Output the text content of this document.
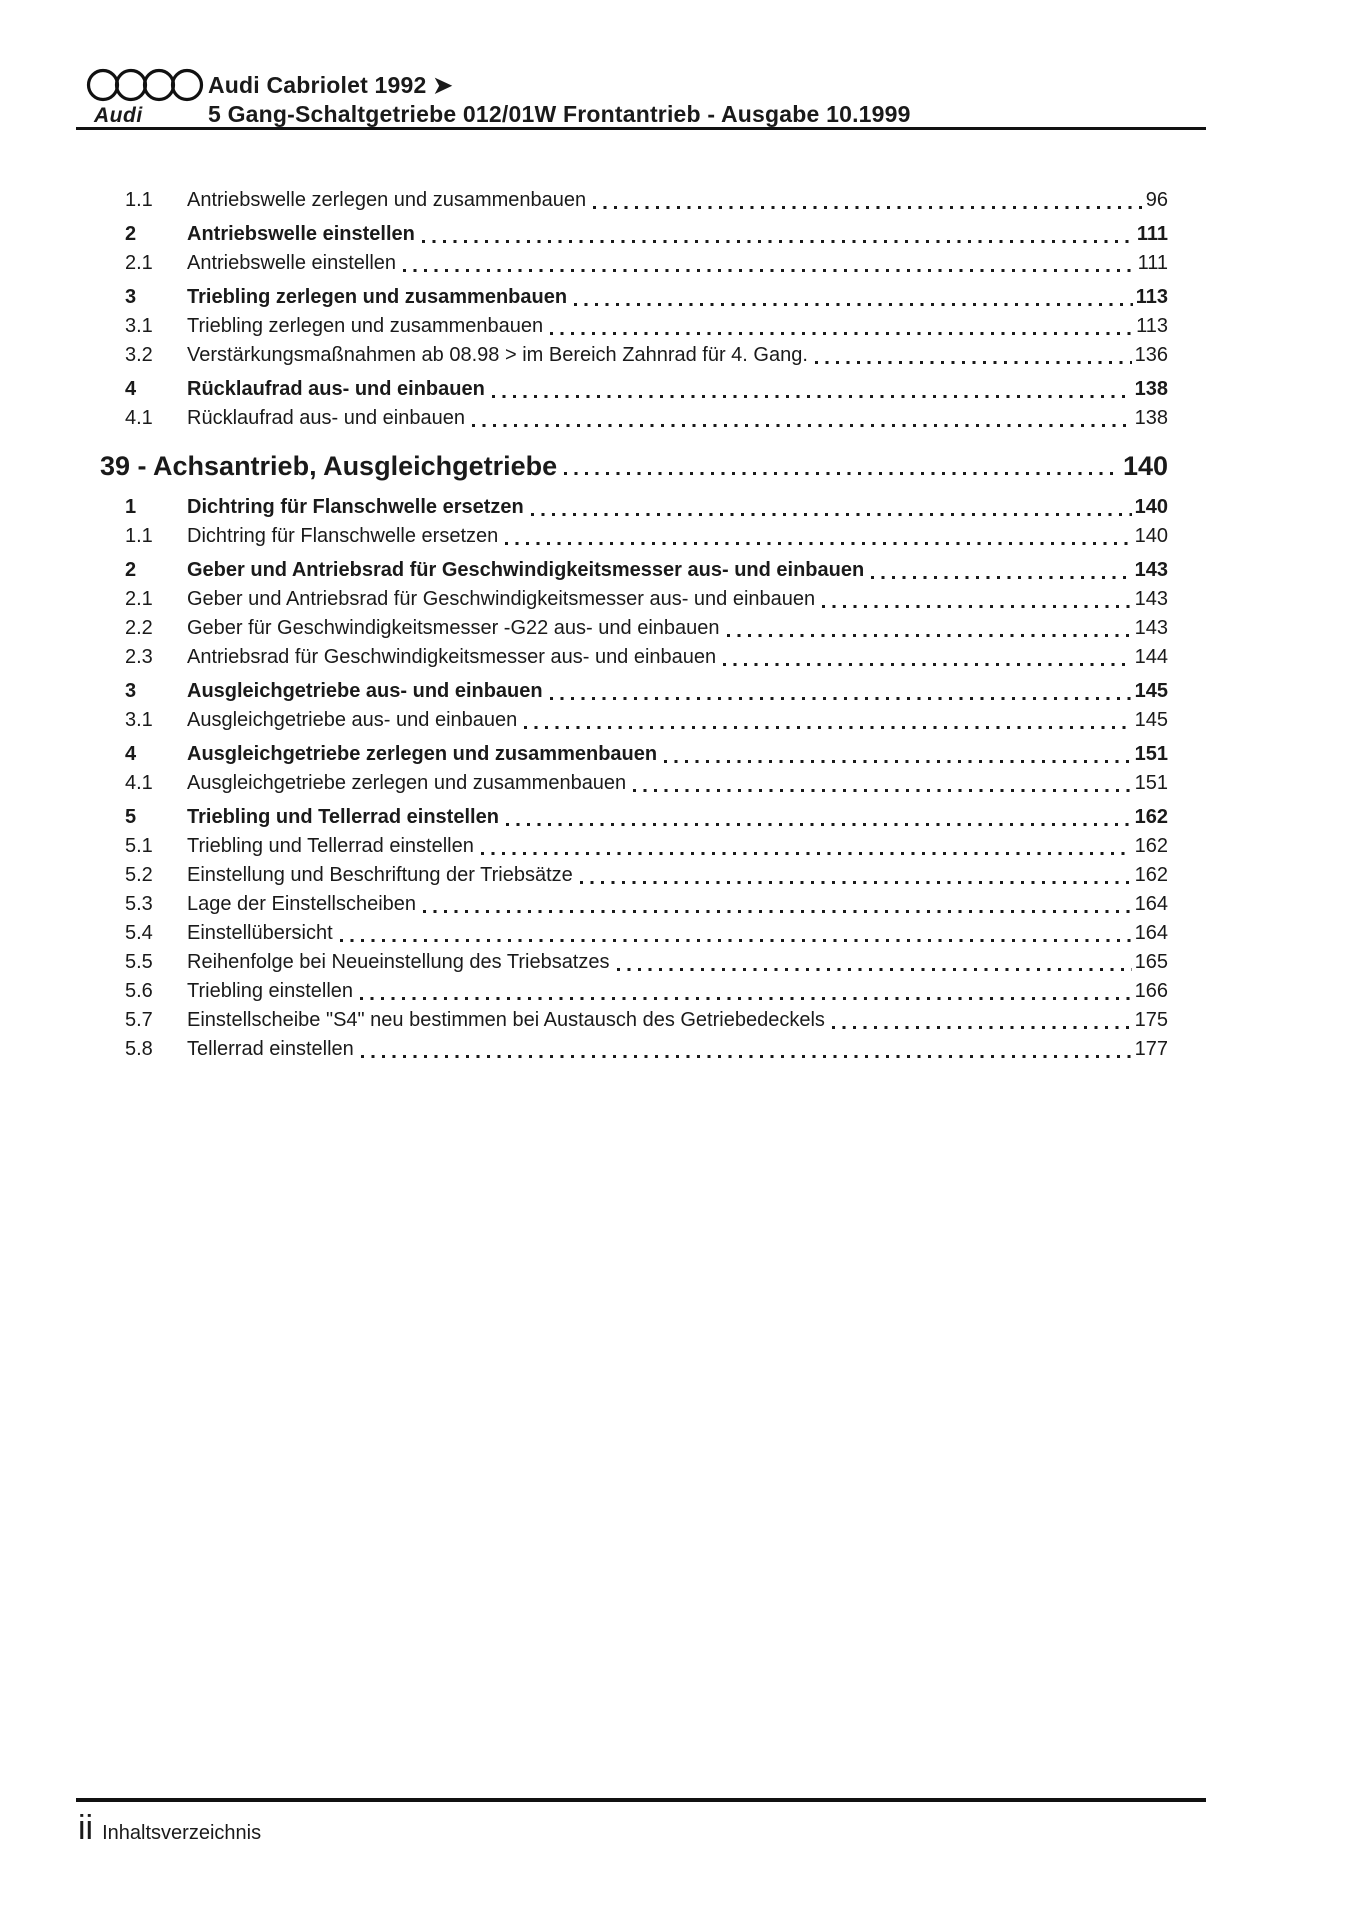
Audi Cabriolet 1992 ➤
Audi	5 Gang-Schaltgetriebe 012/01W Frontantrieb - Ausgabe 10.1999
1.1	Antriebswelle zerlegen und zusammenbauen	96
2	Antriebswelle einstellen	111
2.1	Antriebswelle einstellen	111
3	Triebling zerlegen und zusammenbauen	113
3.1	Triebling zerlegen und zusammenbauen	113
3.2	Verstärkungsmaßnahmen ab 08.98 > im Bereich Zahnrad für 4. Gang.	136
4	Rücklaufrad aus- und einbauen	138
4.1	Rücklaufrad aus- und einbauen	138
39 - Achsantrieb, Ausgleichgetriebe	140
1	Dichtring für Flanschwelle ersetzen	140
1.1	Dichtring für Flanschwelle ersetzen	140
2	Geber und Antriebsrad für Geschwindigkeitsmesser aus- und einbauen	143
2.1	Geber und Antriebsrad für Geschwindigkeitsmesser aus- und einbauen	143
2.2	Geber für Geschwindigkeitsmesser -G22 aus- und einbauen	143
2.3	Antriebsrad für Geschwindigkeitsmesser aus- und einbauen	144
3	Ausgleichgetriebe aus- und einbauen	145
3.1	Ausgleichgetriebe aus- und einbauen	145
4	Ausgleichgetriebe zerlegen und zusammenbauen	151
4.1	Ausgleichgetriebe zerlegen und zusammenbauen	151
5	Triebling und Tellerrad einstellen	162
5.1	Triebling und Tellerrad einstellen	162
5.2	Einstellung und Beschriftung der Triebsätze	162
5.3	Lage der Einstellscheiben	164
5.4	Einstellübersicht	164
5.5	Reihenfolge bei Neueinstellung des Triebsatzes	165
5.6	Triebling einstellen	166
5.7	Einstellscheibe "S4" neu bestimmen bei Austausch des Getriebedeckels	175
5.8	Tellerrad einstellen	177
ii Inhaltsverzeichnis
